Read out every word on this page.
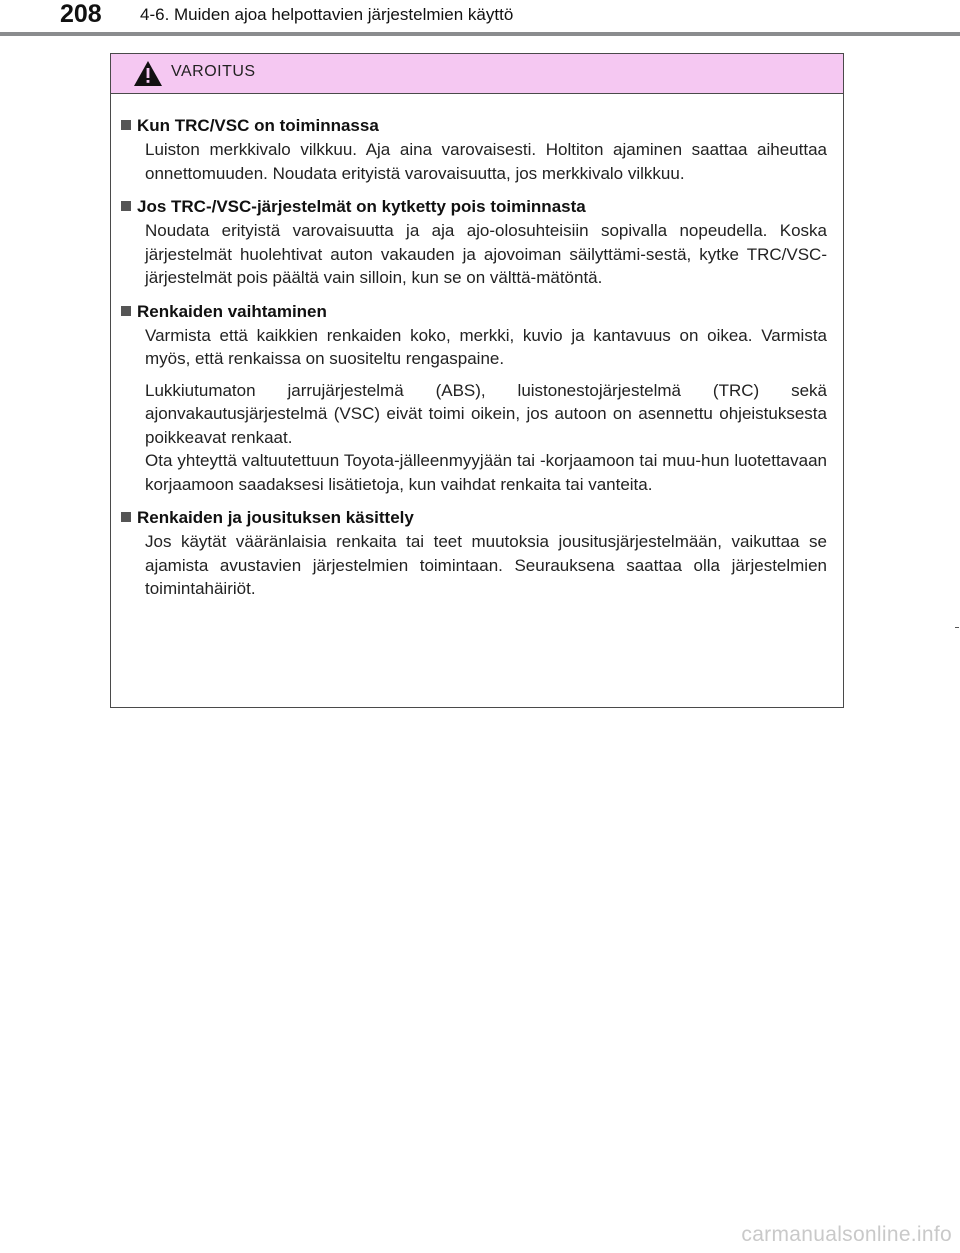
208 4-6. Muiden ajoa helpottavien järjestelmien käyttö
VAROITUS
Kun TRC/VSC on toiminnassa

Luiston merkkivalo vilkkuu. Aja aina varovaisesti. Holtiton ajaminen saattaa aiheuttaa onnettomuuden. Noudata erityistä varovaisuutta, jos merkkivalo vilkkuu.

Jos TRC-/VSC-järjestelmät on kytketty pois toiminnasta

Noudata erityistä varovaisuutta ja aja ajo-olosuhteisiin sopivalla nopeudella. Koska järjestelmät huolehtivat auton vakauden ja ajovoiman säilyttämi-sestä, kytke TRC/VSC-järjestelmät pois päältä vain silloin, kun se on välttä-mätöntä.

Renkaiden vaihtaminen

Varmista että kaikkien renkaiden koko, merkki, kuvio ja kantavuus on oikea. Varmista myös, että renkaissa on suositeltu rengaspaine.

Lukkiutumaton jarrujärjestelmä (ABS), luistonestojärjestelmä (TRC) sekä ajonvakautusjärjestelmä (VSC) eivät toimi oikein, jos autoon on asennettu ohjeistuksesta poikkeavat renkaat.

Ota yhteyttä valtuutettuun Toyota-jälleenmyyjään tai -korjaamoon tai muu-hun luotettavaan korjaamoon saadaksesi lisätietoja, kun vaihdat renkaita tai vanteita.

Renkaiden ja jousituksen käsittely

Jos käytät vääränlaisia renkaita tai teet muutoksia jousitusjärjestelmään, vaikuttaa se ajamista avustavien järjestelmien toimintaan. Seurauksena saattaa olla järjestelmien toimintahäiriöt.

carmanualsonline.info
